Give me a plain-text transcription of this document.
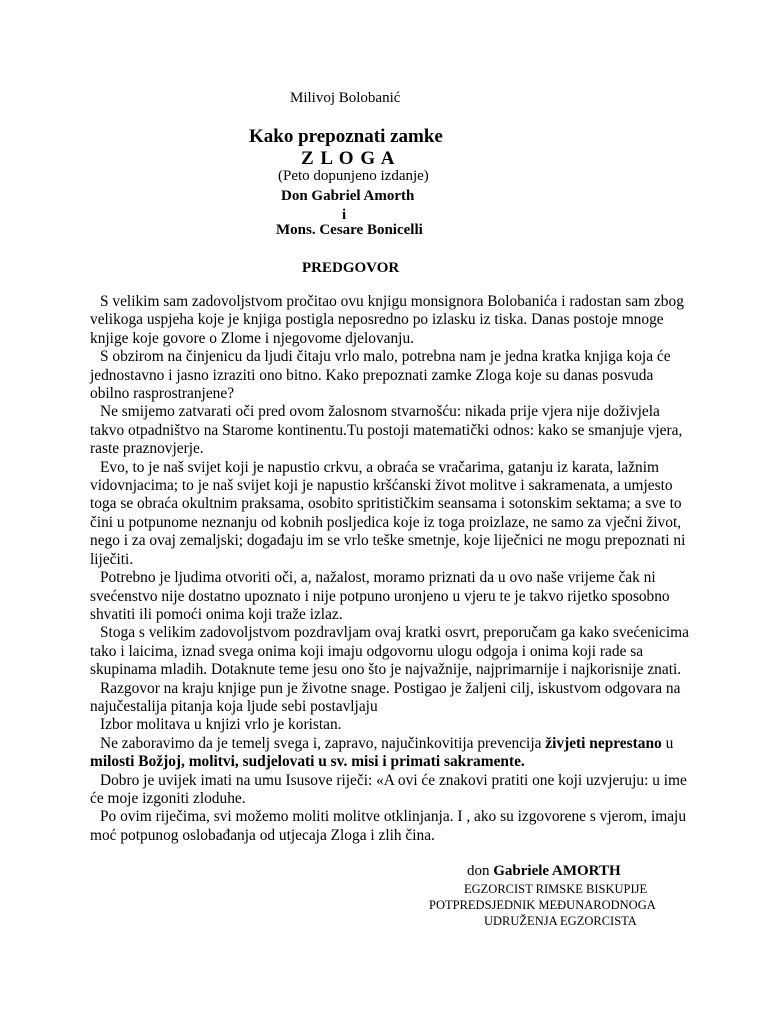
Milivoj Bolobanić
Kako prepoznati zamke
Z L O G A
(Peto dopunjeno izdanje)
Don Gabriel Amorth
i
Mons. Cesare Bonicelli
PREDGOVOR

S velikim sam zadovoljstvom pročitao ovu knjigu monsignora Bolobanića i radostan sam zbog velikoga uspjeha koje je knjiga postigla neposredno po izlasku iz tiska. Danas postoje mnoge knjige koje govore o Zlome i njegovome djelovanju.

S obzirom na činjenicu da ljudi čitaju vrlo malo, potrebna nam je jedna kratka knjiga koja će jednostavno i jasno izraziti ono bitno. Kako prepoznati zamke Zloga koje su danas posvuda obilno rasprostranjene?

Ne smijemo zatvarati oči pred ovom žalosnom stvarnošću: nikada prije vjera nije doživjela takvo otpadništvo na Starome kontinentu.Tu postoji matematički odnos: kako se smanjuje vjera, raste praznovjerje.

Evo, to je naš svijet koji je napustio crkvu, a obraća se vračarima, gatanju iz karata, lažnim vidovnjacima; to je naš svijet koji je napustio kršćanski život molitve i sakramenata, a umjesto toga se obraća okultnim praksama, osobito spritističkim seansama i sotonskim sektama; a sve to čini u potpunome neznanju od kobnih posljedica koje iz toga proizlaze, ne samo za vječni život, nego i za ovaj zemaljski; događaju im se vrlo teške smetnje, koje liječnici ne mogu prepoznati ni liječiti.

Potrebno je ljudima otvoriti oči, a, nažalost, moramo priznati da u ovo naše vrijeme čak ni svećenstvo nije dostatno upoznato i nije potpuno uronjeno u vjeru te je takvo rijetko sposobno shvatiti ili pomoći onima koji traže izlaz.

Stoga s velikim zadovoljstvom pozdravljam ovaj kratki osvrt, preporučam ga kako svećenicima tako i laicima, iznad svega onima koji imaju odgovornu ulogu odgoja i onima koji rade sa skupinama mladih. Dotaknute teme jesu ono što je najvažnije, najprimarnije i najkorisnije znati.

Razgovor na kraju knjige pun je životne snage. Postigao je žaljeni cilj, iskustvom odgovara na najučestalija pitanja koja ljude sebi postavljaju

Izbor molitava u knjizi vrlo je koristan.

Ne zaboravimo da je temelj svega i, zapravo, najučinkovitija prevencija živjeti neprestano u milosti Božjoj, molitvi, sudjelovati u sv. misi i primati sakramente.

Dobro je uvijek imati na umu Isusove riječi: «A ovi će znakovi pratiti one koji uzvjeruju: u ime će moje izgoniti zloduhe.

Po ovim riječima, svi možemo moliti molitve otklinjanja. I , ako su izgovorene s vjerom, imaju moć potpunog oslobađanja od utjecaja Zloga i zlih čina.

don Gabriele AMORTH
EGZORCIST RIMSKE BISKUPIJE
POTPREDSJEDNIK MEĐUNARODNOGA
UDRUŽENJA EGZORCISTA
